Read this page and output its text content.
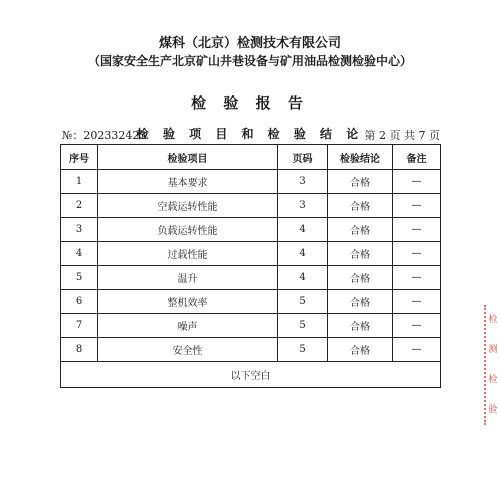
煤科（北京）检测技术有限公司
（国家安全生产北京矿山井巷设备与矿用油品检测检验中心）
检 验 报 告
№：202332423
检 验 项 目 和 检 验 结 论 第 2 页 共 7 页
序号	检验项目	页码	检验结论	备注
1	基本要求	3	合格	—
2	空载运转性能	3	合格	—
3	负载运转性能	4	合格	—
4	过载性能	4	合格	—
5	温升	4	合格	—
6	整机效率	5	合格	—
7	噪声	5	合格	—
8	安全性	5	合格	—
以下空白				
检
测
检
验
